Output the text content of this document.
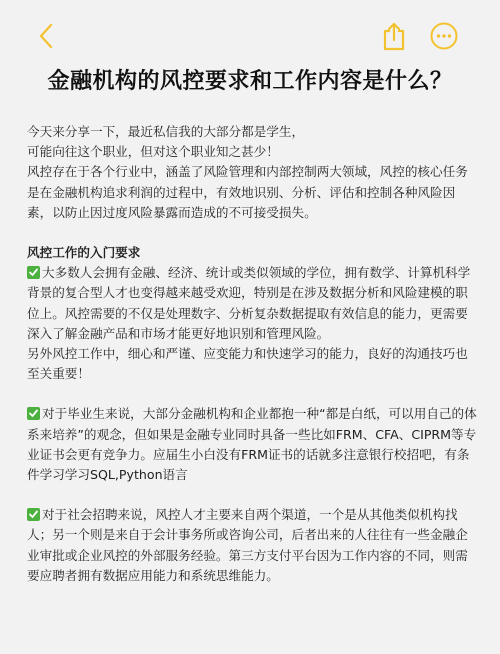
金融机构的风控要求和工作内容是什么？

今天来分享一下，最近私信我的大部分都是学生，

可能向往这个职业，但对这个职业知之甚少！

风控存在于各个行业中，涵盖了风险管理和内部控制两大领域，风控的核心任务是在金融机构追求利润的过程中，有效地识别、分析、评估和控制各种风险因素，以防止因过度风险暴露而造成的不可接受损失。

风控工作的入门要求

大多数人会拥有金融、经济、统计或类似领域的学位，拥有数学、计算机科学背景的复合型人才也变得越来越受欢迎，特别是在涉及数据分析和风险建模的职位上。风控需要的不仅是处理数字、分析复杂数据提取有效信息的能力，更需要深入了解金融产品和市场才能更好地识别和管理风险。

另外风控工作中，细心和严谨、应变能力和快速学习的能力，良好的沟通技巧也至关重要！

对于毕业生来说，大部分金融机构和企业都抱一种“都是白纸，可以用自己的体系来培养”的观念，但如果是金融专业同时具备一些比如FRM、CFA、CIPRM等专业证书会更有竞争力。应届生小白没有FRM证书的话就多注意银行校招吧，有条件学习学习SQL,Python语言

对于社会招聘来说，风控人才主要来自两个渠道，一个是从其他类似机构找人；另一个则是来自于会计事务所或咨询公司，后者出来的人往往有一些金融企业审批或企业风控的外部服务经验。第三方支付平台因为工作内容的不同，则需要应聘者拥有数据应用能力和系统思维能力。
